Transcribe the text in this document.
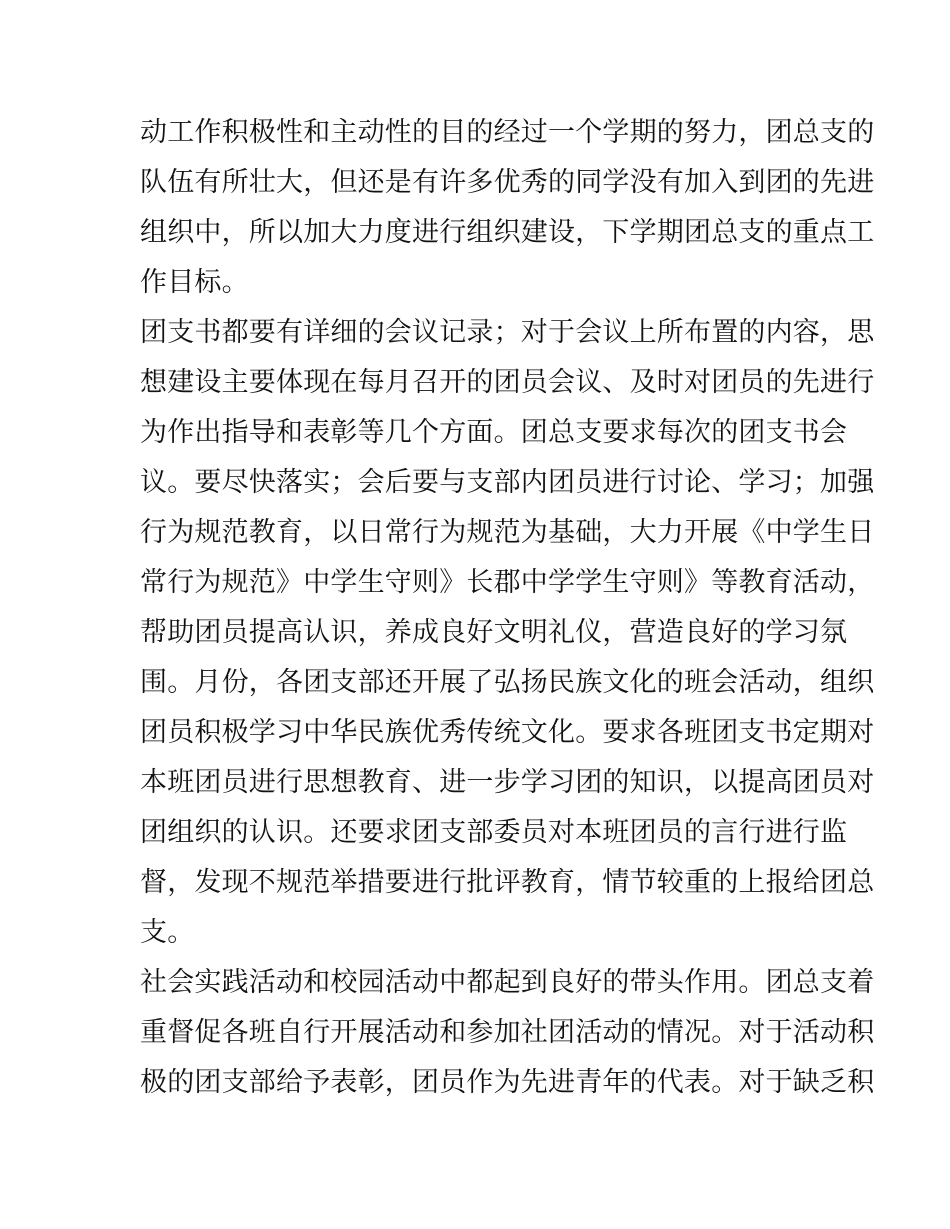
动工作积极性和主动性的目的经过一个学期的努力，团总支的
队伍有所壮大，但还是有许多优秀的同学没有加入到团的先进
组织中，所以加大力度进行组织建设，下学期团总支的重点工
作目标。
团支书都要有详细的会议记录；对于会议上所布置的内容，思
想建设主要体现在每月召开的团员会议、及时对团员的先进行
为作出指导和表彰等几个方面。团总支要求每次的团支书会
议。要尽快落实；会后要与支部内团员进行讨论、学习；加强
行为规范教育，以日常行为规范为基础，大力开展《中学生日
常行为规范》中学生守则》长郡中学学生守则》等教育活动，
帮助团员提高认识，养成良好文明礼仪，营造良好的学习氛
围。月份，各团支部还开展了弘扬民族文化的班会活动，组织
团员积极学习中华民族优秀传统文化。要求各班团支书定期对
本班团员进行思想教育、进一步学习团的知识，以提高团员对
团组织的认识。还要求团支部委员对本班团员的言行进行监
督，发现不规范举措要进行批评教育，情节较重的上报给团总
支。
社会实践活动和校园活动中都起到良好的带头作用。团总支着
重督促各班自行开展活动和参加社团活动的情况。对于活动积
极的团支部给予表彰，团员作为先进青年的代表。对于缺乏积
